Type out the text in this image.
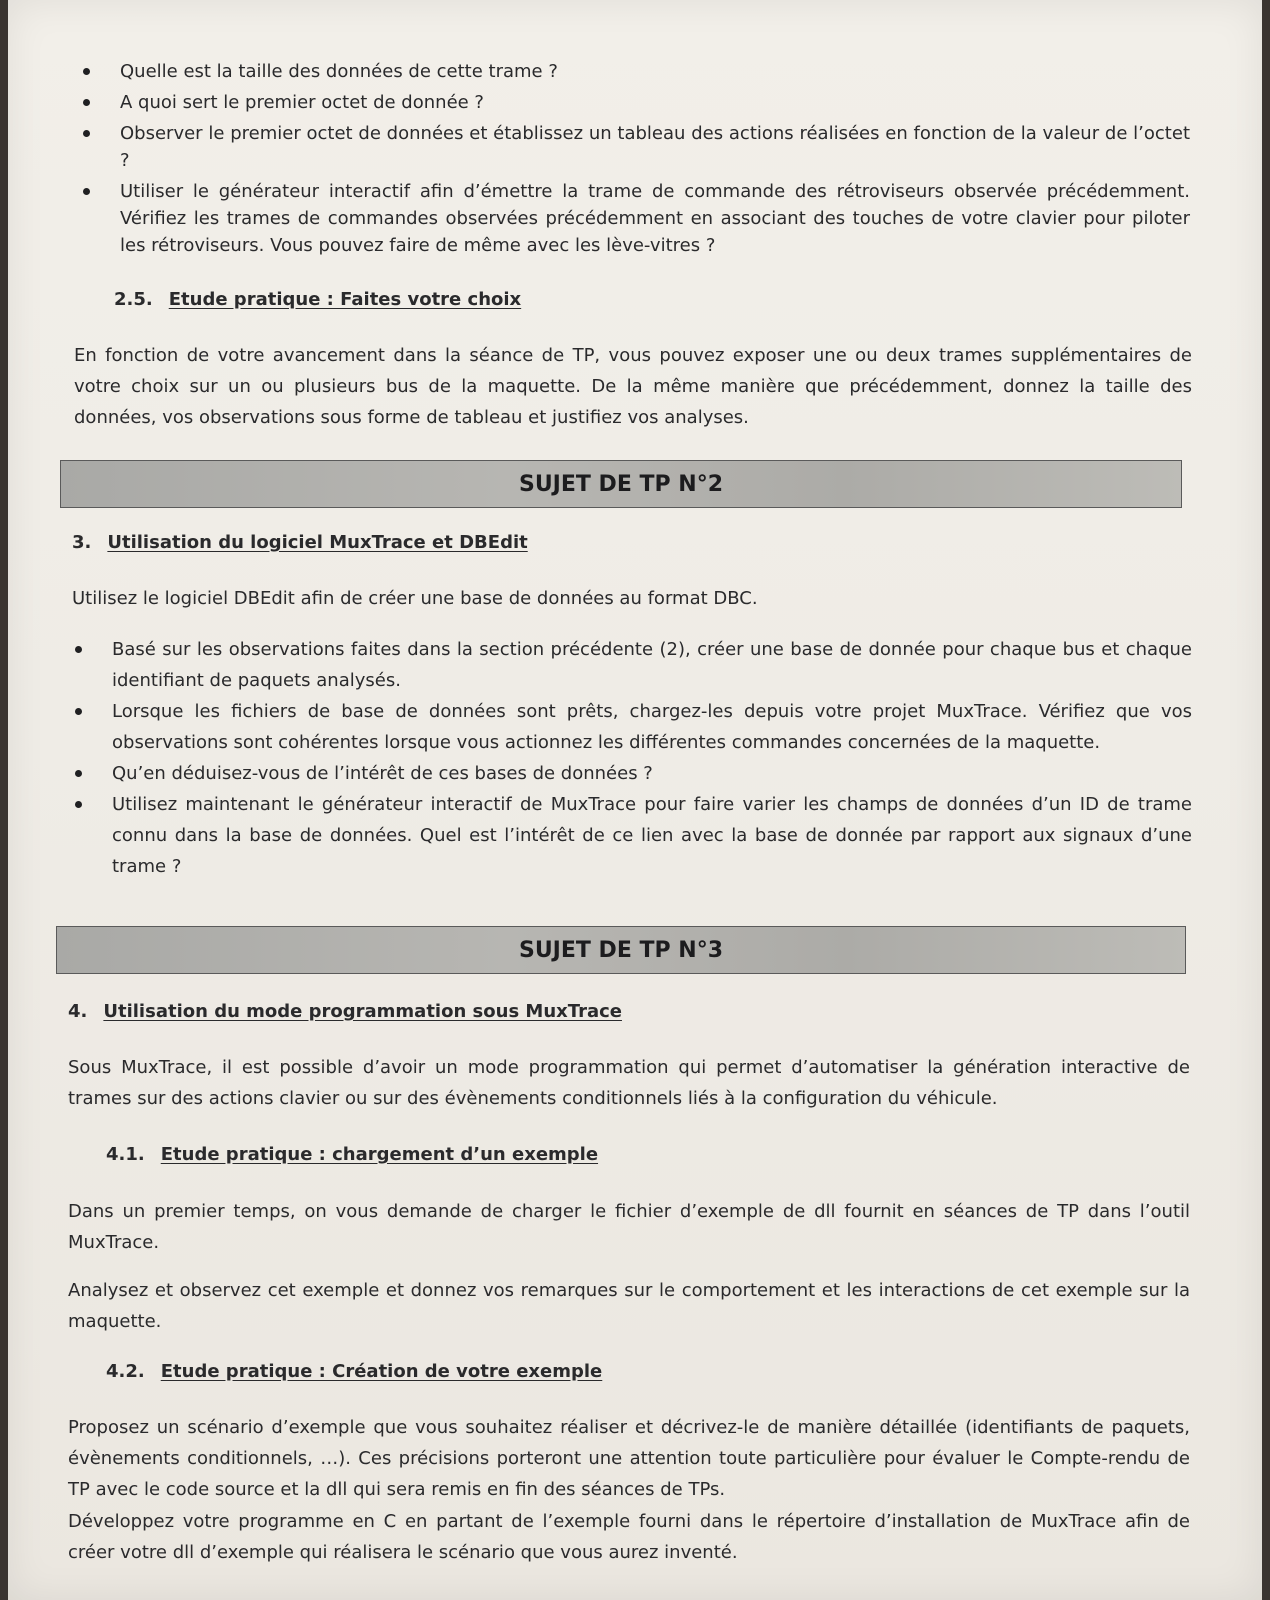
Quelle est la taille des données de cette trame ?
A quoi sert le premier octet de donnée ?
Observer le premier octet de données et établissez un tableau des actions réalisées en fonction de la valeur de l’octet ?
Utiliser le générateur interactif afin d’émettre la trame de commande des rétroviseurs observée précédemment. Vérifiez les trames de commandes observées précédemment en associant des touches de votre clavier pour piloter les rétroviseurs. Vous pouvez faire de même avec les lève-vitres ?
2.5. Etude pratique : Faites votre choix

En fonction de votre avancement dans la séance de TP, vous pouvez exposer une ou deux trames supplémentaires de votre choix sur un ou plusieurs bus de la maquette. De la même manière que précédemment, donnez la taille des données, vos observations sous forme de tableau et justifiez vos analyses.

SUJET DE TP N°2
3. Utilisation du logiciel MuxTrace et DBEdit

Utilisez le logiciel DBEdit afin de créer une base de données au format DBC.

Basé sur les observations faites dans la section précédente (2), créer une base de donnée pour chaque bus et chaque identifiant de paquets analysés.
Lorsque les fichiers de base de données sont prêts, chargez-les depuis votre projet MuxTrace. Vérifiez que vos observations sont cohérentes lorsque vous actionnez les différentes commandes concernées de la maquette.
Qu’en déduisez-vous de l’intérêt de ces bases de données ?
Utilisez maintenant le générateur interactif de MuxTrace pour faire varier les champs de données d’un ID de trame connu dans la base de données. Quel est l’intérêt de ce lien avec la base de donnée par rapport aux signaux d’une trame ?
SUJET DE TP N°3
4. Utilisation du mode programmation sous MuxTrace

Sous MuxTrace, il est possible d’avoir un mode programmation qui permet d’automatiser la génération interactive de trames sur des actions clavier ou sur des évènements conditionnels liés à la configuration du véhicule.

4.1. Etude pratique : chargement d’un exemple

Dans un premier temps, on vous demande de charger le fichier d’exemple de dll fournit en séances de TP dans l’outil MuxTrace.

Analysez et observez cet exemple et donnez vos remarques sur le comportement et les interactions de cet exemple sur la maquette.

4.2. Etude pratique : Création de votre exemple

Proposez un scénario d’exemple que vous souhaitez réaliser et décrivez-le de manière détaillée (identifiants de paquets, évènements conditionnels, …). Ces précisions porteront une attention toute particulière pour évaluer le Compte-rendu de TP avec le code source et la dll qui sera remis en fin des séances de TPs.

Développez votre programme en C en partant de l’exemple fourni dans le répertoire d’installation de MuxTrace afin de créer votre dll d’exemple qui réalisera le scénario que vous aurez inventé.
